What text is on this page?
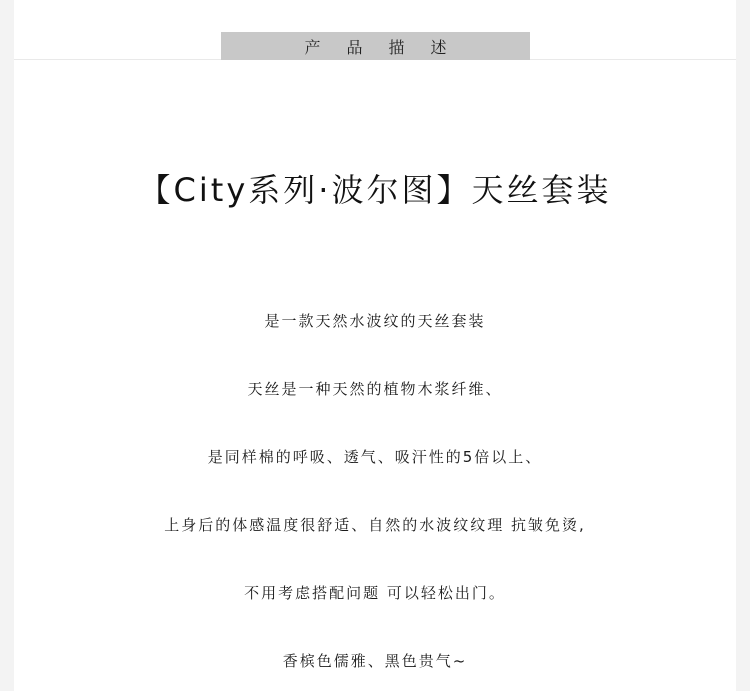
产品描述
【City系列·波尔图】天丝套装
是一款天然水波纹的天丝套装
天丝是一种天然的植物木浆纤维、
是同样棉的呼吸、透气、吸汗性的5倍以上、
上身后的体感温度很舒适、自然的水波纹纹理 抗皱免烫,
不用考虑搭配问题 可以轻松出门。
香槟色儒雅、黑色贵气~
